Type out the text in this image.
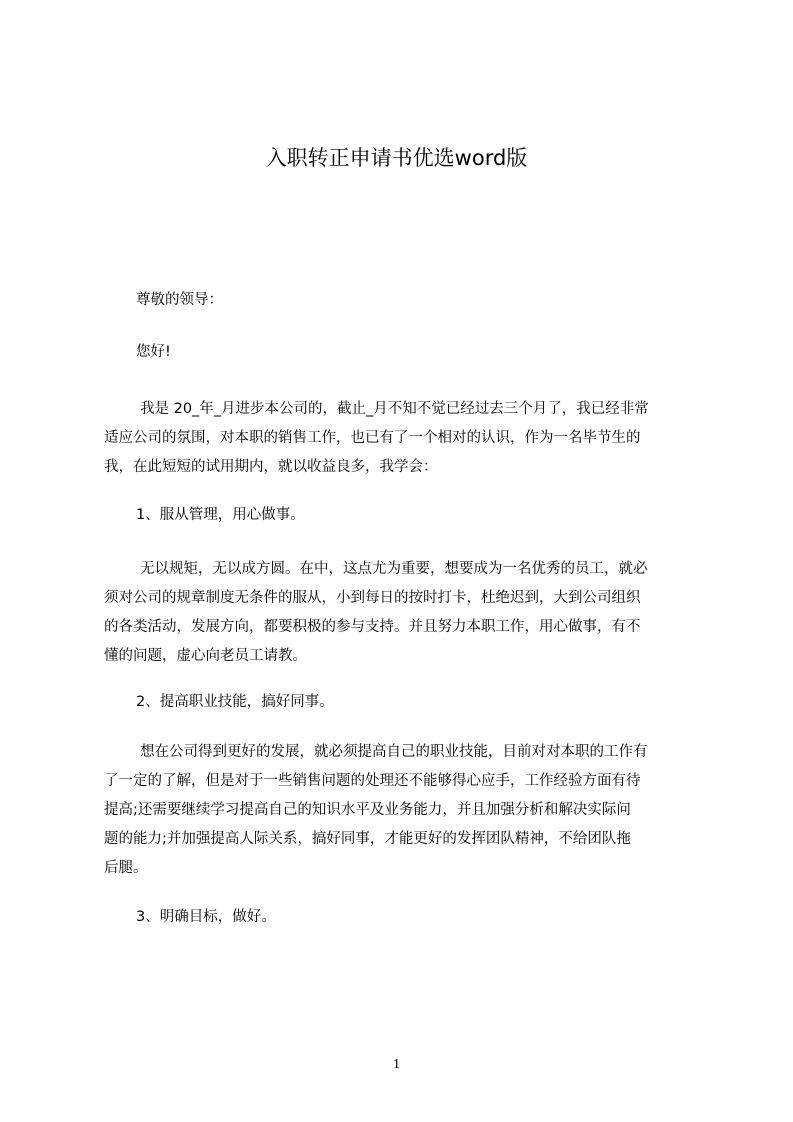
入职转正申请书优选word版

尊敬的领导：

您好!

我是 20_年_月进步本公司的，截止_月不知不觉已经过去三个月了，我已经非常
适应公司的氛围，对本职的销售工作，也已有了一个相对的认识，作为一名毕节生的
我，在此短短的试用期内，就以收益良多，我学会：

1、服从管理，用心做事。

无以规矩，无以成方圆。在中，这点尤为重要，想要成为一名优秀的员工，就必
须对公司的规章制度无条件的服从，小到每日的按时打卡，杜绝迟到，大到公司组织
的各类活动，发展方向，都要积极的参与支持。并且努力本职工作，用心做事，有不
懂的问题，虚心向老员工请教。

2、提高职业技能，搞好同事。

想在公司得到更好的发展，就必须提高自己的职业技能，目前对对本职的工作有
了一定的了解，但是对于一些销售问题的处理还不能够得心应手，工作经验方面有待
提高;还需要继续学习提高自己的知识水平及业务能力，并且加强分析和解决实际问
题的能力;并加强提高人际关系，搞好同事，才能更好的发挥团队精神，不给团队拖
后腿。

3、明确目标，做好。

1
